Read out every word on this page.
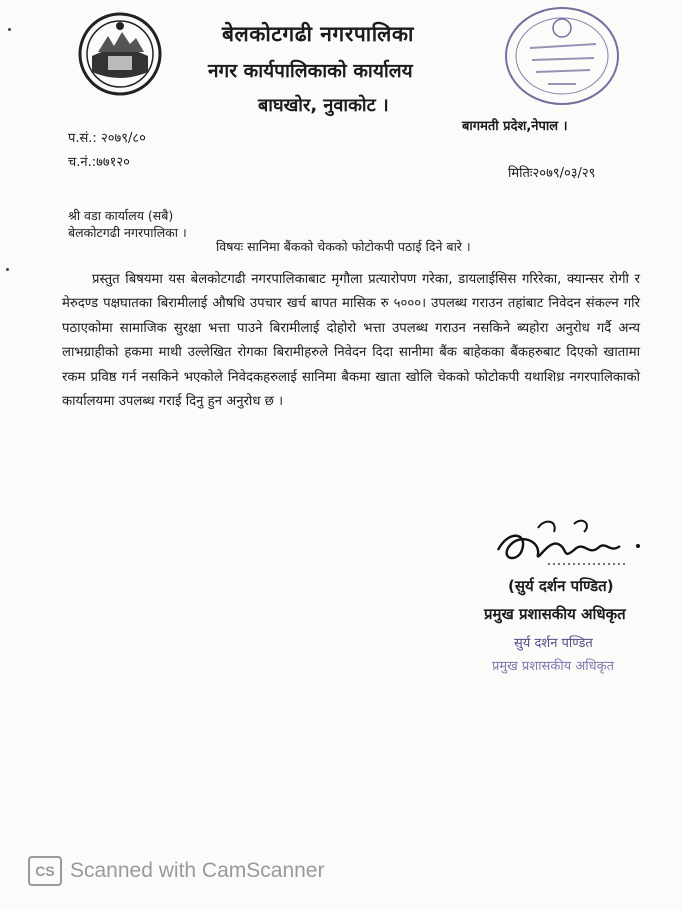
बेलकोटगढी नगरपालिका
नगर कार्यपालिकाको कार्यालय
बाघखोर, नुवाकोट ।
बागमती प्रदेश,नेपाल ।
प.सं.: २०७९/८०
च.नं.:७७१२०
मितिः२०७९/०३/२९
श्री वडा कार्यालय (सबै)
बेलकोटगढी नगरपालिका ।
विषयः सानिमा बैंकको चेकको फोटोकपी पठाई दिने बारे ।
प्रस्तुत बिषयमा यस बेलकोटगढी नगरपालिकाबाट मृगौला प्रत्यारोपण गरेका, डायलाईसिस गरिरेका, क्यान्सर रोगी र मेरुदण्ड पक्षघातका बिरामीलाई औषधि उपचार खर्च बापत मासिक रु ५०००। उपलब्ध गराउन तहांबाट निवेदन संकल्न गरि पठाएकोमा सामाजिक सुरक्षा भत्ता पाउने बिरामीलाई दोहोरो भत्ता उपलब्ध गराउन नसकिने ब्यहोरा अनुरोध गर्दै अन्य लाभग्राहीको हकमा माथी उल्लेखित रोगका बिरामीहरुले निवेदन दिदा सानीमा बैंक बाहेकका बैंकहरुबाट दिएको खातामा रकम प्रविष्ठ गर्न नसकिने भएकोले निवेदकहरुलाई सानिमा बैकमा खाता खोलि चेकको फोटोकपी यथाशिध्र नगरपालिकाको कार्यालयमा उपलब्ध गराई दिनु हुन अनुरोध छ ।
(सुर्य दर्शन पण्डित)
प्रमुख प्रशासकीय अधिकृत
सुर्य दर्शन पण्डित
प्रमुख प्रशासकीय अधिकृत
CS Scanned with CamScanner
